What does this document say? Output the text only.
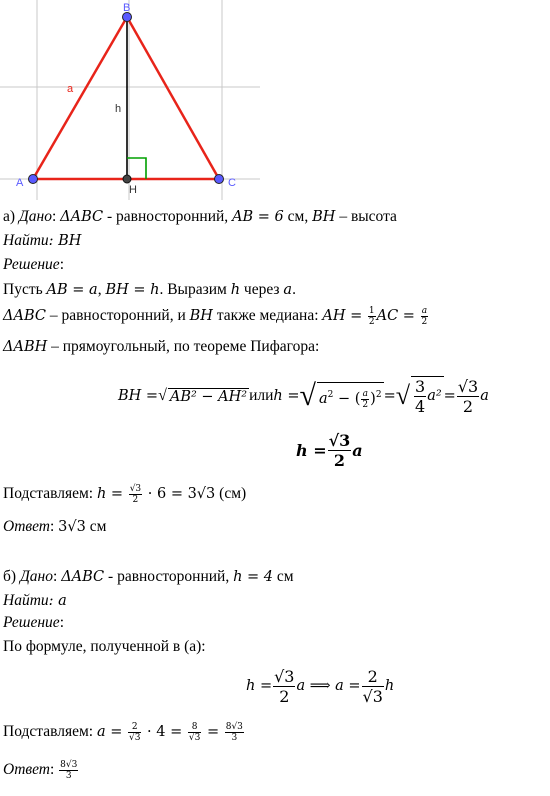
A
B
C
H
a
h
а) Дано: ΔABC - равносторонний, AB = 6 см, BH – высота
Найти: BH
Решение:
Пусть AB = a, BH = h. Выразим h через a.
ΔABC – равносторонний, и BH также медиана: AH = $\frac{1}{2}$ AC = $\frac{a}{2}$
ΔABH – прямоугольный, по теореме Пифагора:
BH = √ AB² − AH² или h = √ $a^2$ − ( $\frac{a}{2} )^2$ = √ $\frac{3}{4} a^2 = \frac{√3}{2}$ a
$h = \frac{√3}{2}$ a
Подставляем: $h = \frac{√3}{2} \cdot 6 = 3√3$ (см)
Ответ: 3√3 см
б) Дано: ΔABC - равносторонний, h = 4 см
Найти: a
Решение:
По формуле, полученной в (а):
$h = \frac{√3}{2}$ a ⟹ $a = \frac{2}{√3}$ h
Подставляем: $a = \frac{2}{√3} \cdot 4 = \frac{8}{√3} = \frac{8√3}{3}$
Ответ: $\frac{8√3}{3}$
